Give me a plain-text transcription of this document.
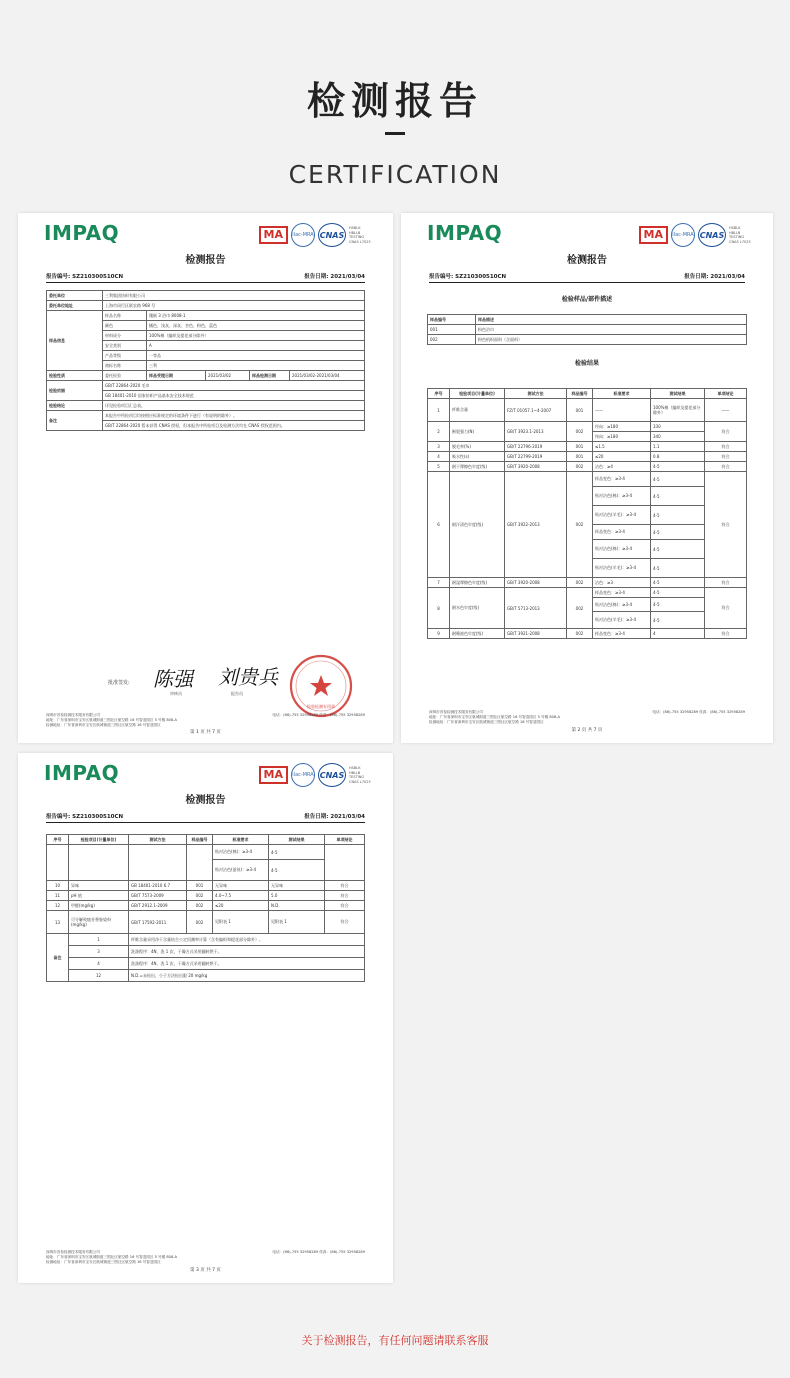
检测报告
CERTIFICATION
IMPAQ	MA	ilac-MRA CNAS
HSBLK HBLLB TESTING CNAS L7023
检测报告
报告编号: SZ210300510CN	报告日期: 2021/03/04
委托单位	三利集团纺织有限公司				
委托单位地址	上海市闵行区联农路 968 号				
样品信息	样品名称	镶嵌 3 浴巾 8008-1			
	颜色	橘色、浅灰、深灰、杏色、粉色、蓝色			
	材料成分	100%棉（编织及提花部分除外）			
	安全类别	A			
	产品等级	一等品			
	商标名称	三利			
检验性质	委托检验	样品受理日期	2021/03/02	样品检测日期	2021/03/02-2021/03/04
检验依据	GB/T 22864-2020 毛巾				
	GB 18401-2010 国家纺织产品基本安全技术规范				
检验结论	详见检验项目汇总表。				
备注	本报告中所检项目均按相应标准规定的环境条件下进行（有说明的除外）。				
	GB/T 22864-2020 暂未获得 CNAS 授权，但本报告中所检项目及检测方法均在 CNAS 授权范围内。				
批准签发: 陈强 刘贵兵
审核员	报告员
检验检测专用章
深圳市首检检测技术服务有限公司
地址：广东省深圳市宝安区航城街道三围社区航空路 16 号智造园区 5 号楼 808-A
检测地址：广东省深圳市宝安区航城街道三围社区航空路 16 号智造园区
电话：(86)-755 32958289 传真：(86)-755 32958289
第 1 页 共 7 页
IMPAQ	MA	ilac-MRA CNAS
HSBLK HBLLB TESTING CNAS L7023
检测报告
报告编号: SZ210300510CN	报告日期: 2021/03/04
检验样品/部件描述
样品编号	样品描述
001	粉色浴巾
002	粉色机织面料（含面料）
检验结果
序号	检验项目(计量单位)	测试方法	样品编号	标准要求	测试结果	单项结论
1	纤维含量	FZ/T 01057.1~4-2007	001	——	100%棉（编织及提花部分除外）	——
2	断裂强力(N)	GB/T 3923.1-2013	002	经向：≥180	330	符合
				纬向：≥180	340	
3	脱毛率(%)	GB/T 22796-2019	001	≤1.5	1.1	符合
4	吸水性(s)	GB/T 22799-2019	001	≤20	0.8	符合
5	耐干摩擦色牢度(级)	GB/T 3920-2008	002	沾色：≥4	4-5	符合
6	耐汗渍色牢度(级)	GB/T 3922-2013	002	样品变色：≥3-4	4-5	符合
				贴衬沾色(棉)：≥3-4	4-5	
				贴衬沾色(羊毛)：≥3-4	4-5	
				样品变色：≥3-4	4-5	
				贴衬沾色(棉)：≥3-4	4-5	
				贴衬沾色(羊毛)：≥3-4	4-5	
7	耐湿摩擦色牢度(级)	GB/T 3920-2008	002	沾色：≥3	4-5	符合
8	耐水色牢度(级)	GB/T 5713-2013	002	样品变色：≥3-4	4-5	符合
				贴衬沾色(棉)：≥3-4	4-5	
				贴衬沾色(羊毛)：≥3-4	4-5	
9	耐唾液色牢度(级)	GB/T 3921-2008	002	样品变色：≥3-4	4	符合
深圳市首检检测技术服务有限公司
地址：广东省深圳市宝安区航城街道三围社区航空路 16 号智造园区 5 号楼 808-A
检测地址：广东省深圳市宝安区航城街道三围社区航空路 16 号智造园区
电话：(86)-755 32958289 传真：(86)-755 32958289
第 2 页 共 7 页
IMPAQ	MA	ilac-MRA CNAS
HSBLK HBLLB TESTING CNAS L7023
检测报告
报告编号: SZ210300510CN	报告日期: 2021/03/04
序号	检验项目(计量单位)	测试方法	样品编号	标准要求	测试结果	单项结论
				贴衬沾色(棉)：≥3-4	4-5	
				贴衬沾色(蚕丝)：≥3-4	4-5	
10	异味	GB 18401-2010 6.7	001	无异味	无异味	符合
11	pH 值	GB/T 7573-2009	002	4.0~7.5	5.0	符合
12	甲醛(mg/kg)	GB/T 2912.1-2009	002	≤20	N.D.	符合
13	可分解致癌芳香胺染料(mg/kg)	GB/T 17592-2011	002	见附表 1	见附表 1	符合
备注	1	纤维含量采用净干含量结合公定回潮率计算（含有编织和提花部分除外）。				
	3	洗涤程序：4N，洗 1 次，干燥方式采用翻转烘干。				
	4	洗涤程序：4N，洗 1 次，干燥方式采用翻转烘干。				
	12	N.D.=未检出，小于方法检出限 20 mg/kg				
深圳市首检检测技术服务有限公司
地址：广东省深圳市宝安区航城街道三围社区航空路 16 号智造园区 5 号楼 808-A
检测地址：广东省深圳市宝安区航城街道三围社区航空路 16 号智造园区
电话：(86)-755 32958289 传真：(86)-755 32958289
第 3 页 共 7 页
关于检测报告，有任何问题请联系客服
